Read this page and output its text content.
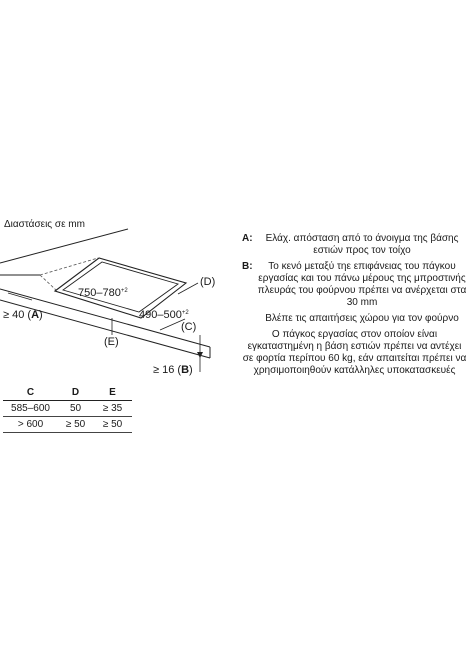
Διαστάσεις σε mm
$750-780^{+2}$
$490-500^{+2}$
(D)
(C)
(E)
≥ 40 (A)
≥ 16 (B)
C	D	E
585–600	50	≥ 35
> 600	≥ 50	≥ 50
A:	Ελάχ. απόσταση από το άνοιγμα της βάσης εστιών προς τον τοίχο
B:	Το κενό μεταξύ τηε επιφάνειας του πάγκου εργασίας και του πάνω μέρους της μπροστινής πλευράς του φούρνου πρέπει να ανέρχεται στα 30 mm
Βλέπε τις απαιτήσεις χώρου για τον φούρνο
Ο πάγκος εργασίας στον οποίον είναι εγκαταστημένη η βάση εστιών πρέπει να αντέχει σε φορτία περίπου 60 kg, εάν απαιτείται πρέπει να χρησιμοποιηθούν κατάλληλες υποκατασκευές
